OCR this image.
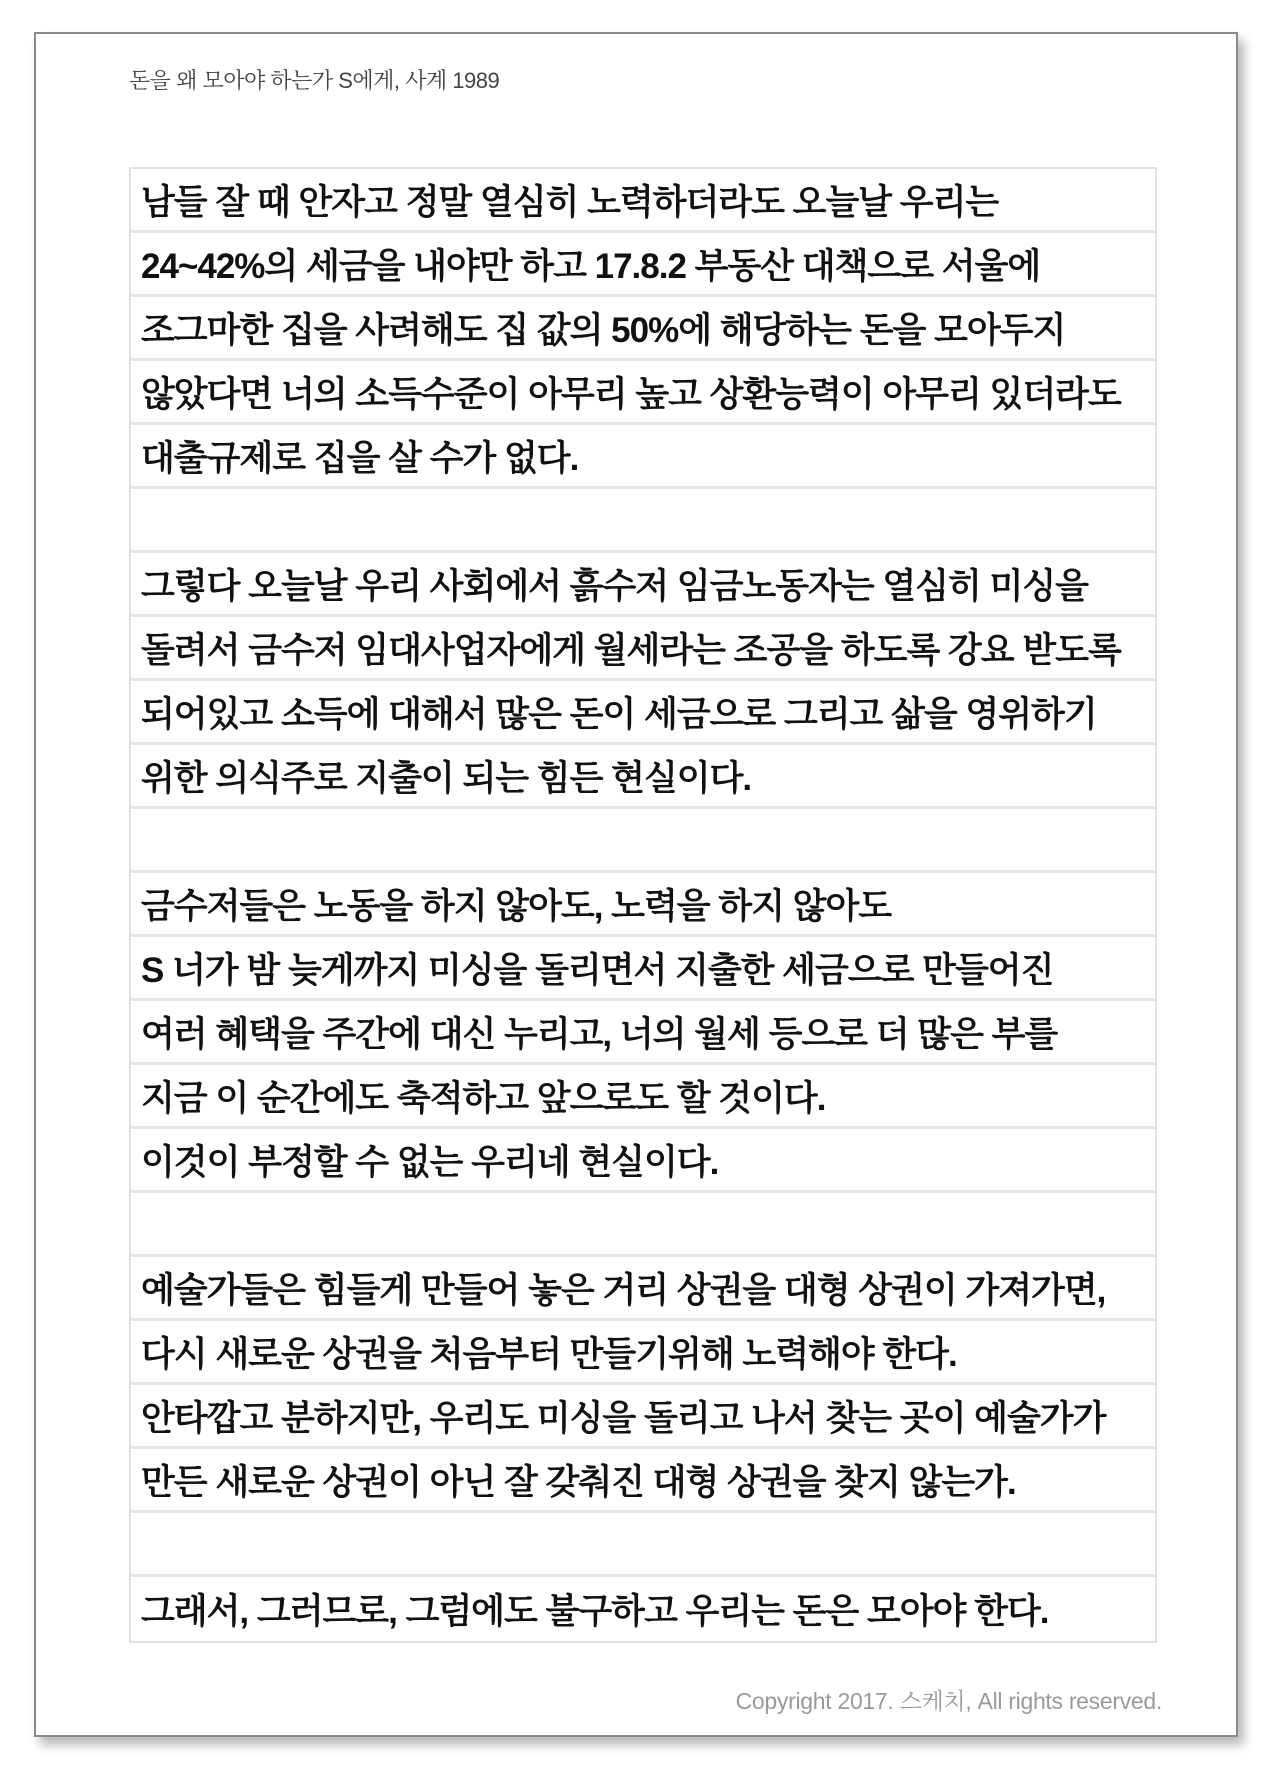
돈을 왜 모아야 하는가 S에게, 사계 1989
남들 잘 때 안자고 정말 열심히 노력하더라도 오늘날 우리는
24~42%의 세금을 내야만 하고 17.8.2 부동산 대책으로 서울에
조그마한 집을 사려해도 집 값의 50%에 해당하는 돈을 모아두지
않았다면 너의 소득수준이 아무리 높고 상환능력이 아무리 있더라도
대출규제로 집을 살 수가 없다.
그렇다 오늘날 우리 사회에서 흙수저 임금노동자는 열심히 미싱을
돌려서 금수저 임대사업자에게 월세라는 조공을 하도록 강요 받도록
되어있고 소득에 대해서 많은 돈이 세금으로 그리고 삶을 영위하기
위한 의식주로 지출이 되는 힘든 현실이다.
금수저들은 노동을 하지 않아도, 노력을 하지 않아도
S 너가 밤 늦게까지 미싱을 돌리면서 지출한 세금으로 만들어진
여러 혜택을 주간에 대신 누리고, 너의 월세 등으로 더 많은 부를
지금 이 순간에도 축적하고 앞으로도 할 것이다.
이것이 부정할 수 없는 우리네 현실이다.
예술가들은 힘들게 만들어 놓은 거리 상권을 대형 상권이 가져가면,
다시 새로운 상권을 처음부터 만들기위해 노력해야 한다.
안타깝고 분하지만, 우리도 미싱을 돌리고 나서 찾는 곳이 예술가가
만든 새로운 상권이 아닌 잘 갖춰진 대형 상권을 찾지 않는가.
그래서, 그러므로, 그럼에도 불구하고 우리는 돈은 모아야 한다.
Copyright 2017. 스케치, All rights reserved.
